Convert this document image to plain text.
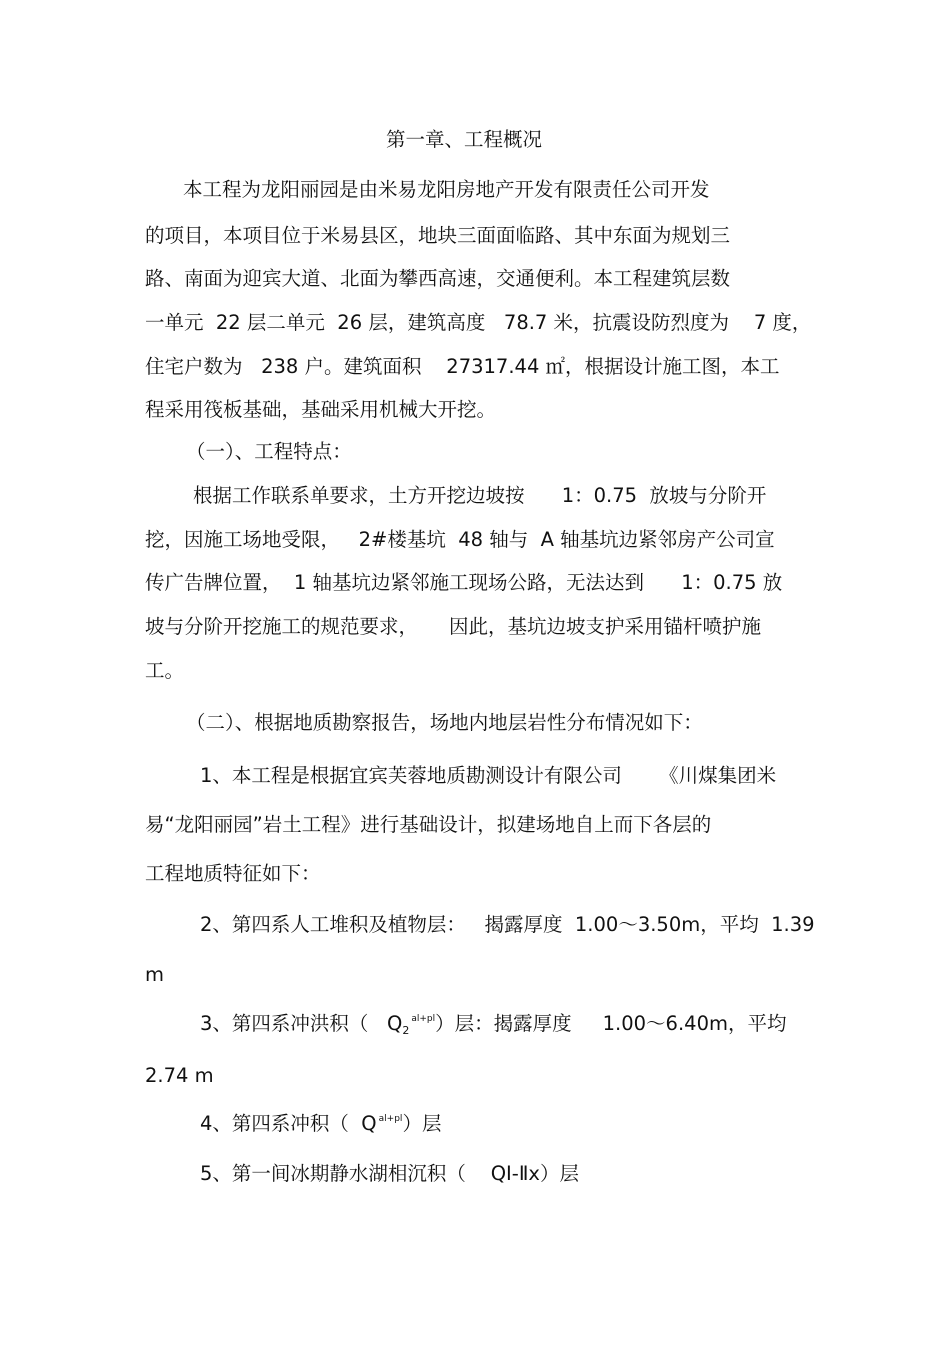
第一章、工程概况
本工程为龙阳丽园是由米易龙阳房地产开发有限责任公司开发
的项目，本项目位于米易县区，地块三面面临路、其中东面为规划三
路、南面为迎宾大道、北面为攀西高速，交通便利。本工程建筑层数
一单元  22 层二单元  26 层，建筑高度   78.7 米，抗震设防烈度为    7 度，
住宅户数为   238 户。建筑面积    27317.44 ㎡，根据设计施工图，本工
程采用筏板基础，基础采用机械大开挖。
（一）、工程特点：
根据工作联系单要求，土方开挖边坡按      1：0.75  放坡与分阶开
挖，因施工场地受限，   2#楼基坑  48 轴与  A 轴基坑边紧邻房产公司宣
传广告牌位置，  1 轴基坑边紧邻施工现场公路，无法达到      1：0.75 放
坡与分阶开挖施工的规范要求，     因此，基坑边坡支护采用锚杆喷护施
工。
（二）、根据地质勘察报告，场地内地层岩性分布情况如下：
1、本工程是根据宜宾芙蓉地质勘测设计有限公司      《川煤集团米
易“龙阳丽园”岩土工程》进行基础设计，拟建场地自上而下各层的
工程地质特征如下：
2、第四系人工堆积及植物层：   揭露厚度  1.00～3.50m，平均  1.39
m
3、第四系冲洪积（   $Q_2^{al+pl}$）层：揭露厚度     1.00～6.40m，平均
2.74 m
4、第四系冲积（  Q $^{al+pl}$）层
5、第一间冰期静水湖相沉积（    QI-Ⅱx）层
